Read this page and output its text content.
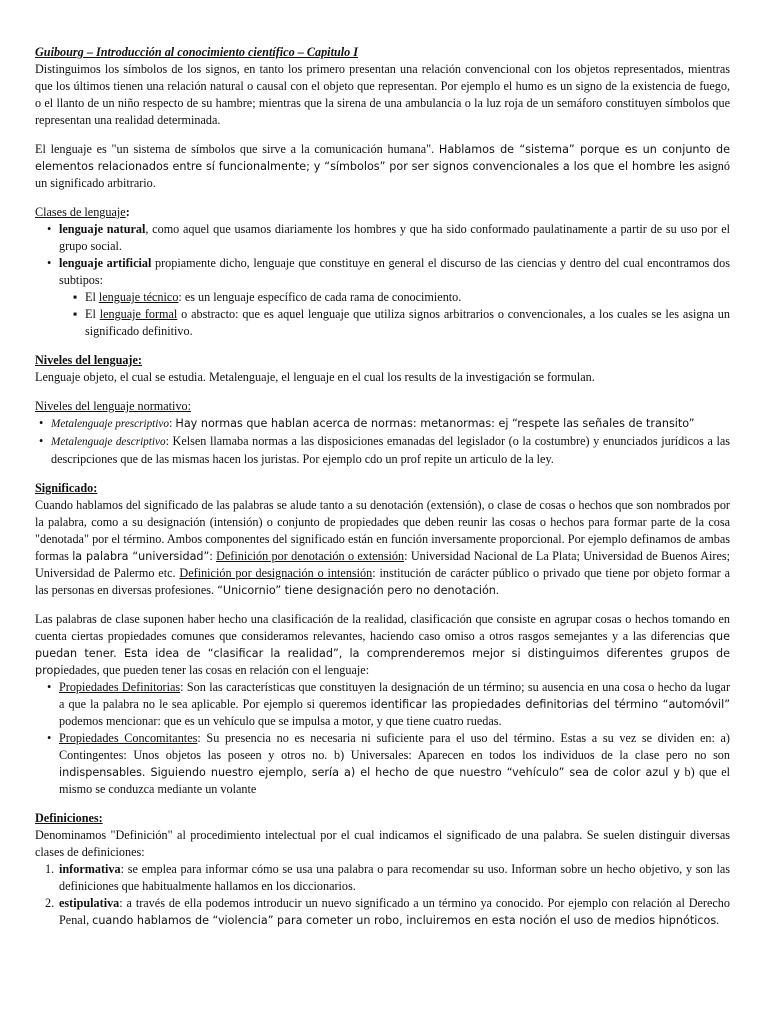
Guibourg – Introducción al conocimiento científico – Capitulo I

Distinguimos los símbolos de los signos, en tanto los primero presentan una relación convencional con los objetos representados, mientras que los últimos tienen una relación natural o causal con el objeto que representan. Por ejemplo el humo es un signo de la existencia de fuego, o el llanto de un niño respecto de su hambre; mientras que la sirena de una ambulancia o la luz roja de un semáforo constituyen símbolos que representan una realidad determinada.

El lenguaje es "un sistema de símbolos que sirve a la comunicación humana". Hablamos de “sistema” porque es un conjunto de elementos relacionados entre sí funcionalmente; y “símbolos” por ser signos convencionales a los que el hombre les asignó un significado arbitrario.

Clases de lenguaje:

• lenguaje natural, como aquel que usamos diariamente los hombres y que ha sido conformado paulatinamente a partir de su uso por el grupo social.
• lenguaje artificial propiamente dicho, lenguaje que constituye en general el discurso de las ciencias y dentro del cual encontramos dos subtipos:
▪ El lenguaje técnico: es un lenguaje específico de cada rama de conocimiento.
▪ El lenguaje formal o abstracto: que es aquel lenguaje que utiliza signos arbitrarios o convencionales, a los cuales se les asigna un significado definitivo.

Niveles del lenguaje:

Lenguaje objeto, el cual se estudia. Metalenguaje, el lenguaje en el cual los results de la investigación se formulan.

Niveles del lenguaje normativo:

• Metalenguaje prescriptivo: Hay normas que hablan acerca de normas: metanormas: ej “respete las señales de transito”
• Metalenguaje descriptivo: Kelsen llamaba normas a las disposiciones emanadas del legislador (o la costumbre) y enunciados jurídicos a las descripciones que de las mismas hacen los juristas. Por ejemplo cdo un prof repite un articulo de la ley.

Significado:

Cuando hablamos del significado de las palabras se alude tanto a su denotación (extensión), o clase de cosas o hechos que son nombrados por la palabra, como a su designación (intensión) o conjunto de propiedades que deben reunir las cosas o hechos para formar parte de la cosa "denotada" por el término. Ambos componentes del significado están en función inversamente proporcional. Por ejemplo definamos de ambas formas la palabra “universidad”: Definición por denotación o extensión: Universidad Nacional de La Plata; Universidad de Buenos Aires; Universidad de Palermo etc. Definición por designación o intensión: institución de carácter público o privado que tiene por objeto formar a las personas en diversas profesiones. “Unicornio” tiene designación pero no denotación.

Las palabras de clase suponen haber hecho una clasificación de la realidad, clasificación que consiste en agrupar cosas o hechos tomando en cuenta ciertas propiedades comunes que consideramos relevantes, haciendo caso omiso a otros rasgos semejantes y a las diferencias que puedan tener. Esta idea de “clasificar la realidad”, la comprenderemos mejor si distinguimos diferentes grupos de propiedades, que pueden tener las cosas en relación con el lenguaje:

• Propiedades Definitorias: Son las características que constituyen la designación de un término; su ausencia en una cosa o hecho da lugar a que la palabra no le sea aplicable. Por ejemplo si queremos identificar las propiedades definitorias del término “automóvil” podemos mencionar: que es un vehículo que se impulsa a motor, y que tiene cuatro ruedas.
• Propiedades Concomitantes: Su presencia no es necesaria ni suficiente para el uso del término. Estas a su vez se dividen en: a) Contingentes: Unos objetos las poseen y otros no. b) Universales: Aparecen en todos los individuos de la clase pero no son indispensables. Siguiendo nuestro ejemplo, sería a) el hecho de que nuestro “vehículo” sea de color azul y b) que el mismo se conduzca mediante un volante

Definiciones:

Denominamos "Definición" al procedimiento intelectual por el cual indicamos el significado de una palabra. Se suelen distinguir diversas clases de definiciones:

1. informativa: se emplea para informar cómo se usa una palabra o para recomendar su uso. Informan sobre un hecho objetivo, y son las definiciones que habitualmente hallamos en los diccionarios.
2. estipulativa: a través de ella podemos introducir un nuevo significado a un término ya conocido. Por ejemplo con relación al Derecho Penal, cuando hablamos de “violencia” para cometer un robo, incluiremos en esta noción el uso de medios hipnóticos.
